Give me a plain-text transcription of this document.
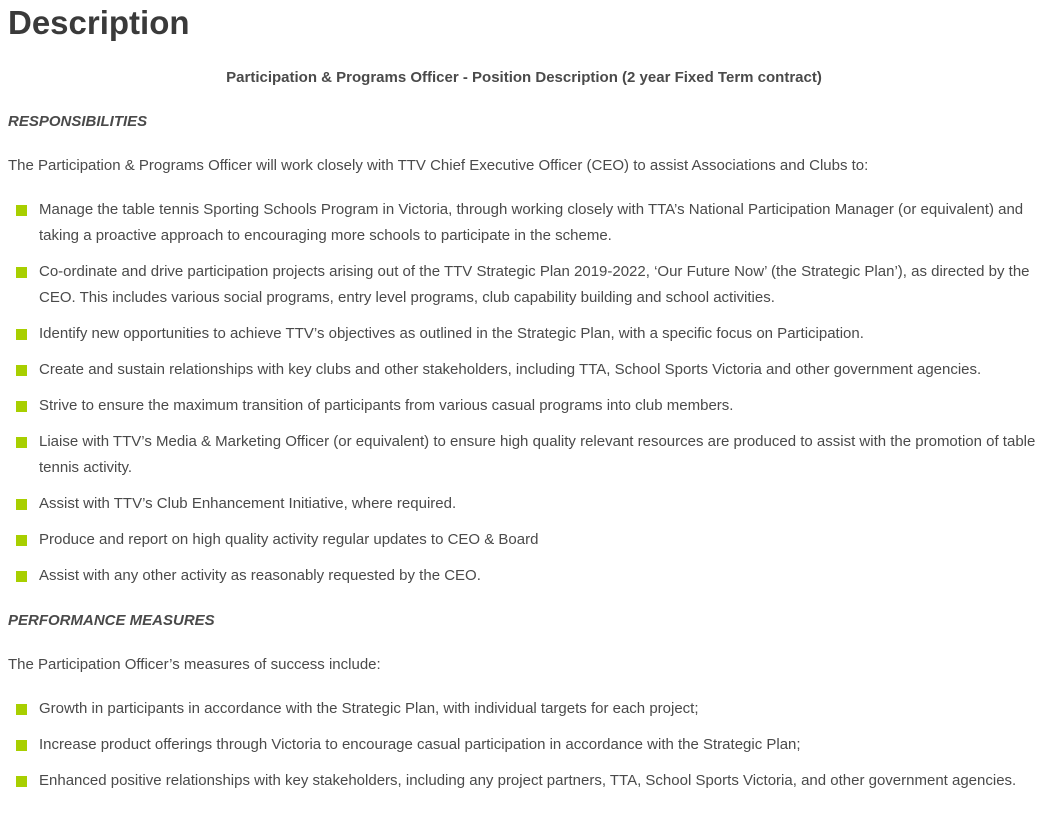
Description

Participation & Programs Officer - Position Description (2 year Fixed Term contract)

RESPONSIBILITIES

The Participation & Programs Officer will work closely with TTV Chief Executive Officer (CEO) to assist Associations and Clubs to:

Manage the table tennis Sporting Schools Program in Victoria, through working closely with TTA’s National Participation Manager (or equivalent) and taking a proactive approach to encouraging more schools to participate in the scheme.
Co-ordinate and drive participation projects arising out of the TTV Strategic Plan 2019-2022, ‘Our Future Now’ (the Strategic Plan’), as directed by the CEO. This includes various social programs, entry level programs, club capability building and school activities.
Identify new opportunities to achieve TTV’s objectives as outlined in the Strategic Plan, with a specific focus on Participation.
Create and sustain relationships with key clubs and other stakeholders, including TTA, School Sports Victoria and other government agencies.
Strive to ensure the maximum transition of participants from various casual programs into club members.
Liaise with TTV’s Media & Marketing Officer (or equivalent) to ensure high quality relevant resources are produced to assist with the promotion of table tennis activity.
Assist with TTV’s Club Enhancement Initiative, where required.
Produce and report on high quality activity regular updates to CEO & Board
Assist with any other activity as reasonably requested by the CEO.

PERFORMANCE MEASURES

The Participation Officer’s measures of success include:

Growth in participants in accordance with the Strategic Plan, with individual targets for each project;
Increase product offerings through Victoria to encourage casual participation in accordance with the Strategic Plan;
Enhanced positive relationships with key stakeholders, including any project partners, TTA, School Sports Victoria, and other government agencies.
